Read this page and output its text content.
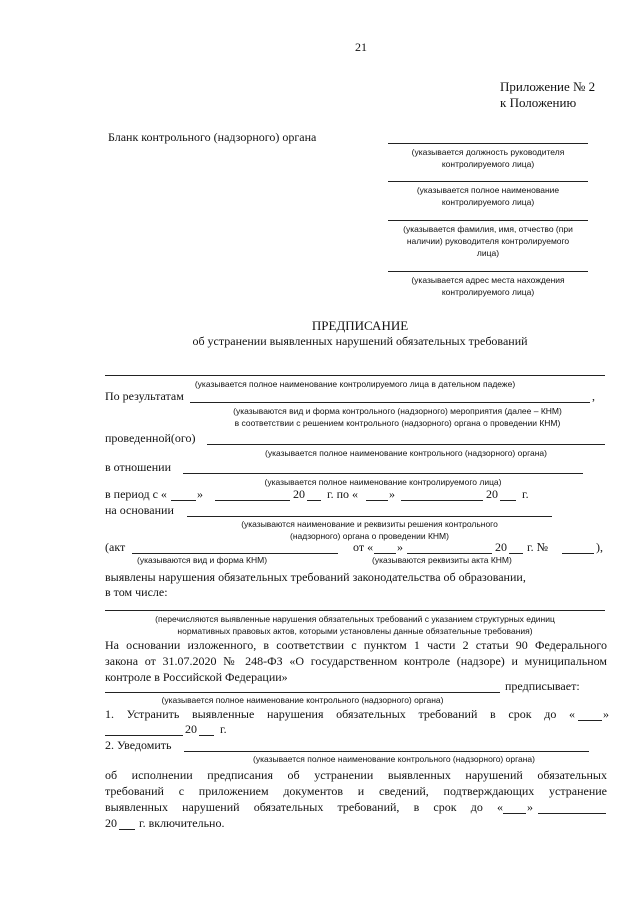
21
Приложение № 2
к Положению
Бланк контрольного (надзорного) органа
(указывается должность руководителя
контролируемого лица)
(указывается полное наименование
контролируемого лица)
(указывается фамилия, имя, отчество (при
наличии) руководителя контролируемого
лица)
(указывается адрес места нахождения
контролируемого лица)
ПРЕДПИСАНИЕ
об устранении выявленных нарушений обязательных требований
(указывается полное наименование контролируемого лица в дательном падеже)
По результатам	,
(указываются вид и форма контрольного (надзорного) мероприятия (далее – КНМ)
в соответствии с решением контрольного (надзорного) органа о проведении КНМ)
проведенной(ого)
(указывается полное наименование контрольного (надзорного) органа)
в отношении
(указывается полное наименование контролируемого лица)
в период с «	»	20 г. по «	»	20 г.
на основании
(указываются наименование и реквизиты решения контрольного
(надзорного) органа о проведении КНМ)
(акт	от « »	20 г. №	),
(указываются вид и форма КНМ)	(указываются реквизиты акта КНМ)
выявлены нарушения обязательных требований законодательства об образовании,
в том числе:
(перечисляются выявленные нарушения обязательных требований с указанием структурных единиц
нормативных правовых актов, которыми установлены данные обязательные требования)
На основании изложенного, в соответствии с пунктом 1 части 2 статьи 90 Федерального
закона от 31.07.2020 № 248-ФЗ «О государственном контроле (надзоре) и муниципальном
контроле в Российской Федерации»
предписывает:
(указывается полное наименование контрольного (надзорного) органа)
1. Устранить выявленные нарушения обязательных требований в срок до « »
20 г.
2. Уведомить
(указывается полное наименование контрольного (надзорного) органа)
об исполнении предписания об устранении выявленных нарушений обязательных
требований с приложением документов и сведений, подтверждающих устранение
выявленных нарушений обязательных требований, в срок до « »
20 г. включительно.
